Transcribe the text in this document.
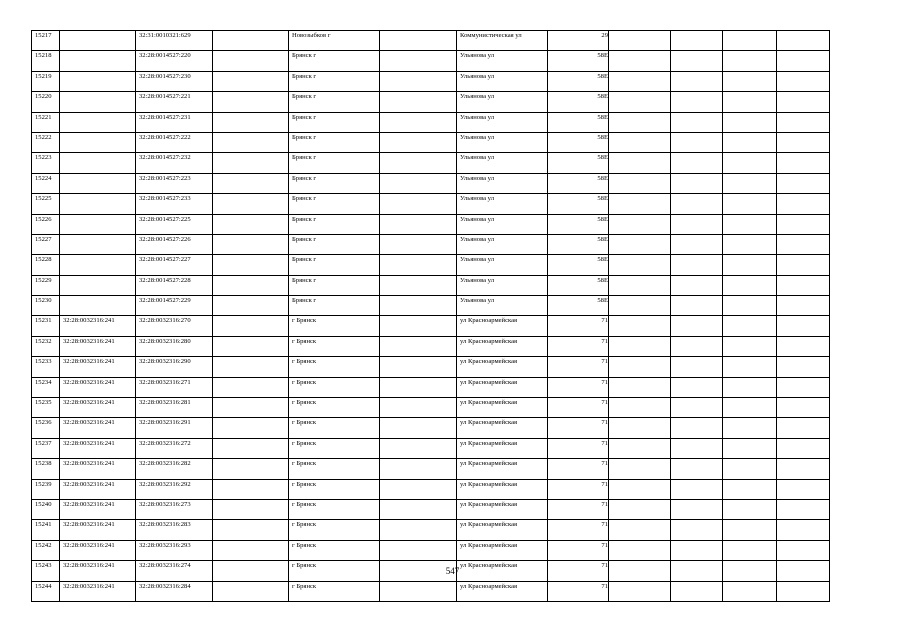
15217		32:31:0010321:629		Новозыбков г		Коммунистическая ул	29				
15218		32:28:0014527:220		Брянск г		Ульянова ул	58Е				
15219		32:28:0014527:230		Брянск г		Ульянова ул	58Е				
15220		32:28:0014527:221		Брянск г		Ульянова ул	58Е				
15221		32:28:0014527:231		Брянск г		Ульянова ул	58Е				
15222		32:28:0014527:222		Брянск г		Ульянова ул	58Е				
15223		32:28:0014527:232		Брянск г		Ульянова ул	58Е				
15224		32:28:0014527:223		Брянск г		Ульянова ул	58Е				
15225		32:28:0014527:233		Брянск г		Ульянова ул	58Е				
15226		32:28:0014527:225		Брянск г		Ульянова ул	58Е				
15227		32:28:0014527:226		Брянск г		Ульянова ул	58Е				
15228		32:28:0014527:227		Брянск г		Ульянова ул	58Е				
15229		32:28:0014527:228		Брянск г		Ульянова ул	58Е				
15230		32:28:0014527:229		Брянск г		Ульянова ул	58Е				
15231	32:28:0032316:241	32:28:0032316:270		г Брянск		ул Красноармейская	71				
15232	32:28:0032316:241	32:28:0032316:280		г Брянск		ул Красноармейская	71				
15233	32:28:0032316:241	32:28:0032316:290		г Брянск		ул Красноармейская	71				
15234	32:28:0032316:241	32:28:0032316:271		г Брянск		ул Красноармейская	71				
15235	32:28:0032316:241	32:28:0032316:281		г Брянск		ул Красноармейская	71				
15236	32:28:0032316:241	32:28:0032316:291		г Брянск		ул Красноармейская	71				
15237	32:28:0032316:241	32:28:0032316:272		г Брянск		ул Красноармейская	71				
15238	32:28:0032316:241	32:28:0032316:282		г Брянск		ул Красноармейская	71				
15239	32:28:0032316:241	32:28:0032316:292		г Брянск		ул Красноармейская	71				
15240	32:28:0032316:241	32:28:0032316:273		г Брянск		ул Красноармейская	71				
15241	32:28:0032316:241	32:28:0032316:283		г Брянск		ул Красноармейская	71				
15242	32:28:0032316:241	32:28:0032316:293		г Брянск		ул Красноармейская	71				
15243	32:28:0032316:241	32:28:0032316:274		г Брянск		ул Красноармейская	71				
15244	32:28:0032316:241	32:28:0032316:284		г Брянск		ул Красноармейская	71				
547
